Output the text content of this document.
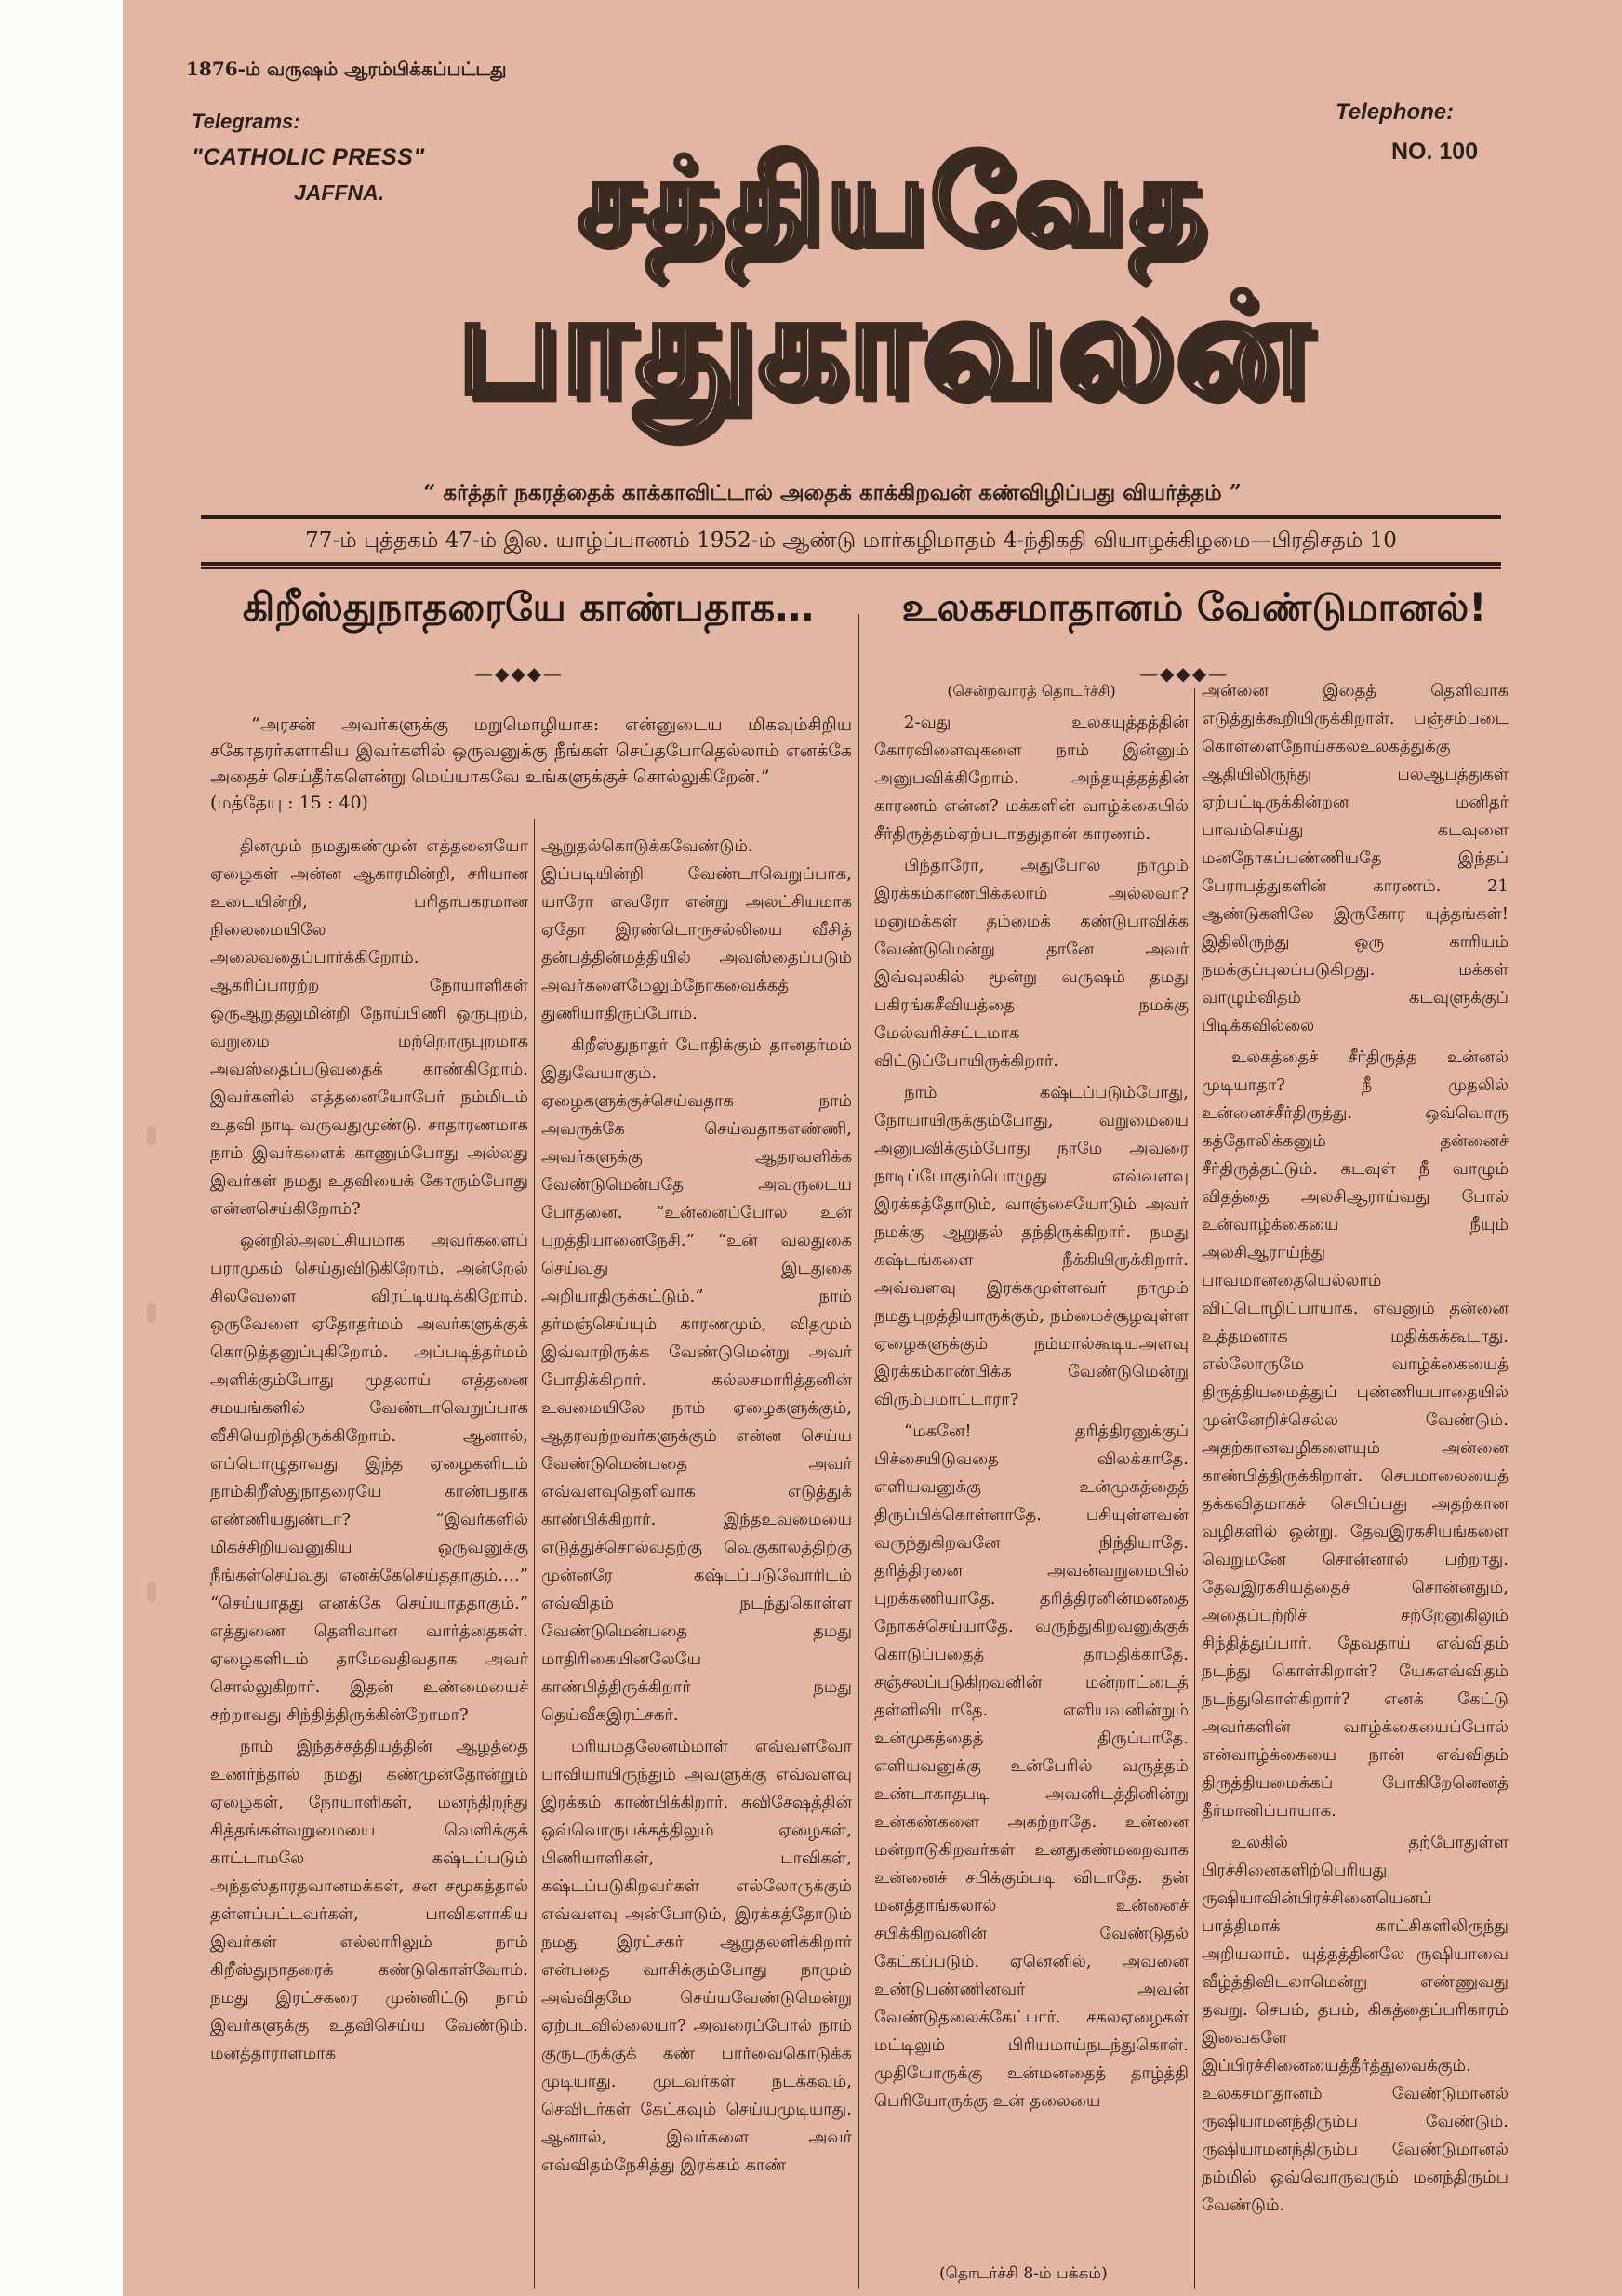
1876-ம் வருஷம் ஆரம்பிக்கப்பட்டது
Telegrams:
"CATHOLIC PRESS"
JAFFNA.
Telephone:
NO. 100
சத்தியவேத
பாதுகாவலன்
“ கர்த்தர் நகரத்தைக் காக்காவிட்டால் அதைக் காக்கிறவன் கண்விழிப்பது வியர்த்தம் ”
77-ம் புத்தகம் 47-ம் இல. யாழ்ப்பாணம் 1952-ம் ஆண்டு மார்கழிமாதம் 4-ந்திகதி வியாழக்கிழமை—பிரதிசதம் 10
கிறீஸ்துநாதரையே காண்பதாக…	உலகசமாதானம் வேண்டுமானல்!
—◆◆◆—	—◆◆◆—
“அரசன் அவர்களுக்கு மறுமொழியாக: என்னுடைய மிகவும்சிறிய சகோதரர்களாகிய இவர்களில் ஒருவனுக்கு நீங்கள் செய்தபோதெல்லாம் எனக்கே அதைச் செய்தீர்களென்று மெய்யாகவே உங்களுக்குச் சொல்லுகிறேன்.”
(மத்தேயு : 15 : 40)

தினமும் நமதுகண்முன் எத்தனையோ ஏழைகள் அன்ன ஆகாரமின்றி, சரியான உடையின்றி, பரிதாபகரமான நிலைமையிலே அலைவதைப்பார்க்கிறோம். ஆகரிப்பாரற்ற நோயாளிகள் ஒருஆறுதலுமின்றி நோய்பிணி ஒருபுறம், வறுமை மற்றொருபுறமாக அவஸ்தைப்படுவதைக் காண்கிறோம். இவர்களில் எத்தனையோபேர் நம்மிடம் உதவி நாடி வருவதுமுண்டு. சாதாரணமாக நாம் இவர்களைக் காணும்போது அல்லது இவர்கள் நமது உதவியைக் கோரும்போது என்னசெய்கிறோம்?

ஒன்றில்அலட்சியமாக அவர்களைப் பராமுகம் செய்துவிடுகிறோம். அன்றேல் சிலவேளை விரட்டியடிக்கிறோம். ஒருவேளை ஏதோதர்மம் அவர்களுக்குக் கொடுத்தனுப்புகிறோம். அப்படித்தர்மம் அளிக்கும்போது முதலாய் எத்தனை சமயங்களில் வேண்டாவெறுப்பாக வீசியெறிந்திருக்கிறோம். ஆனால், எப்பொழுதாவது இந்த ஏழைகளிடம் நாம்கிறீஸ்துநாதரையே காண்பதாக எண்ணியதுண்டா? “இவர்களில் மிகச்சிறியவனுகிய ஒருவனுக்கு நீங்கள்செய்வது எனக்கேசெய்ததாகும்….” “செய்யாதது எனக்கே செய்யாததாகும்.” எத்துணை தெளிவான வார்த்தைகள். ஏழைகளிடம் தாமேவதிவதாக அவர் சொல்லுகிறார். இதன் உண்மையைச் சற்றாவது சிந்தித்திருக்கின்றோமா?

நாம் இந்தச்சத்தியத்தின் ஆழத்தை உணர்ந்தால் நமது கண்முன்தோன்றும் ஏழைகள், நோயாளிகள், மனந்திறந்து சித்தங்கள்வறுமையை வெளிக்குக் காட்டாமலே கஷ்டப்படும் அந்தஸ்தாரதவானமக்கள், சன சமூகத்தால் தள்ளப்பட்டவர்கள், பாவிகளாகிய இவர்கள் எல்லாரிலும் நாம் கிறீஸ்துநாதரைக் கண்டுகொள்வோம். நமது இரட்சகரை முன்னிட்டு நாம் இவர்களுக்கு உதவிசெய்ய வேண்டும். மனத்தாராளமாக

ஆறுதல்கொடுக்கவேண்டும். இப்படியின்றி வேண்டாவெறுப்பாக, யாரோ எவரோ என்று அலட்சியமாக ஏதோ இரண்டொருசல்லியை வீசித் தன்பத்தின்மத்தியில் அவஸ்தைப்படும் அவர்களைமேலும்நோகவைக்கத் துணியாதிருப்போம்.

கிறீஸ்துநாதர் போதிக்கும் தானதர்மம் இதுவேயாகும். ஏழைகளுக்குச்செய்வதாக நாம் அவருக்கே செய்வதாகஎண்ணி, அவர்களுக்கு ஆதரவளிக்க வேண்டுமென்பதே அவருடைய போதனை. “உன்னைப்போல உன் புறத்தியானைநேசி.” “உன் வலதுகை செய்வது இடதுகை அறியாதிருக்கட்டும்.” நாம் தர்மஞ்செய்யும் காரணமும், விதமும் இவ்வாறிருக்க வேண்டுமென்று அவர் போதிக்கிறார். கல்லசமாரித்தனின் உவமையிலே நாம் ஏழைகளுக்கும், ஆதரவற்றவர்களுக்கும் என்ன செய்ய வேண்டுமென்பதை அவர் எவ்வளவுதெளிவாக எடுத்துக் காண்பிக்கிறார். இந்தஉவமையை எடுத்துச்சொல்வதற்கு வெகுகாலத்திற்கு முன்னரே கஷ்டப்படுவோரிடம் எவ்விதம் நடந்துகொள்ள வேண்டுமென்பதை தமது மாதிரிகையினலேயே காண்பித்திருக்கிறார் நமது தெய்வீகஇரட்சகர்.

மரியமதலேனம்மாள் எவ்வளவோ பாவியாயிருந்தும் அவளுக்கு எவ்வளவு இரக்கம் காண்பிக்கிறார். சுவிசேஷத்தின் ஒவ்வொருபக்கத்திலும் ஏழைகள், பிணியாளிகள், பாவிகள், கஷ்டப்படுகிறவர்கள் எல்லோருக்கும் எவ்வளவு அன்போடும், இரக்கத்தோடும் நமது இரட்சகர் ஆறுதலளிக்கிறார் என்பதை வாசிக்கும்போது நாமும் அவ்விதமே செய்யவேண்டுமென்று ஏற்படவில்லையா? அவரைப்போல் நாம் குருடருக்குக் கண் பார்வைகொடுக்க முடியாது. முடவர்கள் நடக்கவும், செவிடர்கள் கேட்கவும் செய்யமுடியாது. ஆனால், இவர்களை அவர் எவ்விதம்நேசித்து இரக்கம் காண்

(சென்றவாரத் தொடர்ச்சி)

2-வது உலகயுத்தத்தின் கோரவிளைவுகளை நாம் இன்னும் அனுபவிக்கிறோம். அந்தயுத்தத்தின் காரணம் என்ன? மக்களின் வாழ்க்கையில் சீர்திருத்தம்ஏற்படாததுதான் காரணம்.

பிந்தாரோ, அதுபோல நாமும் இரக்கம்காண்பிக்கலாம் அல்லவா? மனுமக்கள் தம்மைக் கண்டுபாவிக்க வேண்டுமென்று தானே அவர் இவ்வுலகில் மூன்று வருஷம் தமது பகிரங்கசீவியத்தை நமக்கு மேல்வரிச்சட்டமாக விட்டுப்போயிருக்கிறார்.

நாம் கஷ்டப்படும்போது, நோயாயிருக்கும்போது, வறுமையை அனுபவிக்கும்போது நாமே அவரை நாடிப்போகும்பொழுது எவ்வளவு இரக்கத்தோடும், வாஞ்சையோடும் அவர் நமக்கு ஆறுதல் தந்திருக்கிறார். நமது கஷ்டங்களை நீக்கியிருக்கிறார். அவ்வளவு இரக்கமுள்ளவர் நாமும் நமதுபுறத்தியாருக்கும், நம்மைச்சூழவுள்ள ஏழைகளுக்கும் நம்மால்கூடியஅளவு இரக்கம்காண்பிக்க வேண்டுமென்று விரும்பமாட்டாரா?

“மகனே! தரித்திரனுக்குப் பிச்சையிடுவதை விலக்காதே. எளியவனுக்கு உன்முகத்தைத் திருப்பிக்கொள்ளாதே. பசியுள்ளவன் வருந்துகிறவனே நிந்தியாதே. தரித்திரனை அவன்வறுமையில் புறக்கணியாதே. தரித்திரனின்மனதை நோகச்செய்யாதே. வருந்துகிறவனுக்குக் கொடுப்பதைத் தாமதிக்காதே. சஞ்சலப்படுகிறவனின் மன்றாட்டைத் தள்ளிவிடாதே. எளியவனின்றும் உன்முகத்தைத் திருப்பாதே. எளியவனுக்கு உன்பேரில் வருத்தம் உண்டாகாதபடி அவனிடத்தினின்று உன்கண்களை அகற்றாதே. உன்னை மன்றாடுகிறவர்கள் உனதுகண்மறைவாக உன்னைச் சபிக்கும்படி விடாதே. தன் மனத்தாங்கலால் உன்னைச் சபிக்கிறவனின் வேண்டுதல் கேட்கப்படும். ஏனெனில், அவனை உண்டுபண்ணினவர் அவன் வேண்டுதலைக்கேட்பார். சகலஏழைகள் மட்டிலும் பிரியமாய்நடந்துகொள். முதியோருக்கு உன்மனதைத் தாழ்த்தி பெரியோருக்கு உன் தலையை

(தொடர்ச்சி 8-ம் பக்கம்)

அன்னை இதைத் தெளிவாக எடுத்துக்கூறியிருக்கிறாள். பஞ்சம்படை கொள்ளைநோய்சகலஉலகத்துக்கு ஆதியிலிருந்து பலஆபத்துகள் ஏற்பட்டிருக்கின்றன மனிதர் பாவம்செய்து கடவுளை மனநோகப்பண்ணியதே இந்தப் பேராபத்துகளின் காரணம். 21 ஆண்டுகளிலே இருகோர யுத்தங்கள்! இதிலிருந்து ஒரு காரியம் நமக்குப்புலப்படுகிறது. மக்கள் வாழும்விதம் கடவுளுக்குப் பிடிக்கவில்லை

உலகத்தைச் சீர்திருத்த உன்னல் முடியாதா? நீ முதலில் உன்னைச்சீர்திருத்து. ஒவ்வொரு கத்தோலிக்கனும் தன்னைச் சீர்திருத்தட்டும். கடவுள் நீ வாழும் விதத்தை அலசிஆராய்வது போல் உன்வாழ்க்கையை நீயும் அலசிஆராய்ந்து பாவமானதையெல்லாம் விட்டொழிப்பாயாக. எவனும் தன்னை உத்தமனாக மதிக்கக்கூடாது. எல்லோருமே வாழ்க்கையைத் திருத்தியமைத்துப் புண்ணியபாதையில் முன்னேறிச்செல்ல வேண்டும். அதற்கானவழிகளையும் அன்னை காண்பித்திருக்கிறாள். செபமாலையைத் தக்கவிதமாகச் செபிப்பது அதற்கான வழிகளில் ஒன்று. தேவஇரகசியங்களை வெறுமனே சொன்னால் பற்றாது. தேவஇரகசியத்தைச் சொன்னதும், அதைப்பற்றிச் சற்றேனுகிலும் சிந்தித்துப்பார். தேவதாய் எவ்விதம் நடந்து கொள்கிறாள்? யேசுஎவ்விதம் நடந்துகொள்கிறார்? எனக் கேட்டு அவர்களின் வாழ்க்கையைப்போல் என்வாழ்க்கையை நான் எவ்விதம் திருத்தியமைக்கப் போகிறேனெனத் தீர்மானிப்பாயாக.

உலகில் தற்போதுள்ள பிரச்சினைகளிற்பெரியது ருஷியாவின்பிரச்சினையெனப் பாத்திமாக் காட்சிகளிலிருந்து அறியலாம். யுத்தத்தினலே ருஷியாவை வீழ்த்திவிடலாமென்று எண்ணுவது தவறு. செபம், தபம், கிகத்தைப்பரிகாரம் இவைகளே இப்பிரச்சினையைத்தீர்த்துவைக்கும். உலகசமாதானம் வேண்டுமானல் ருஷியாமனந்திரும்ப வேண்டும். ருஷியாமனந்திரும்ப வேண்டுமானல் நம்மில் ஒவ்வொருவரும் மனந்திரும்ப வேண்டும்.
